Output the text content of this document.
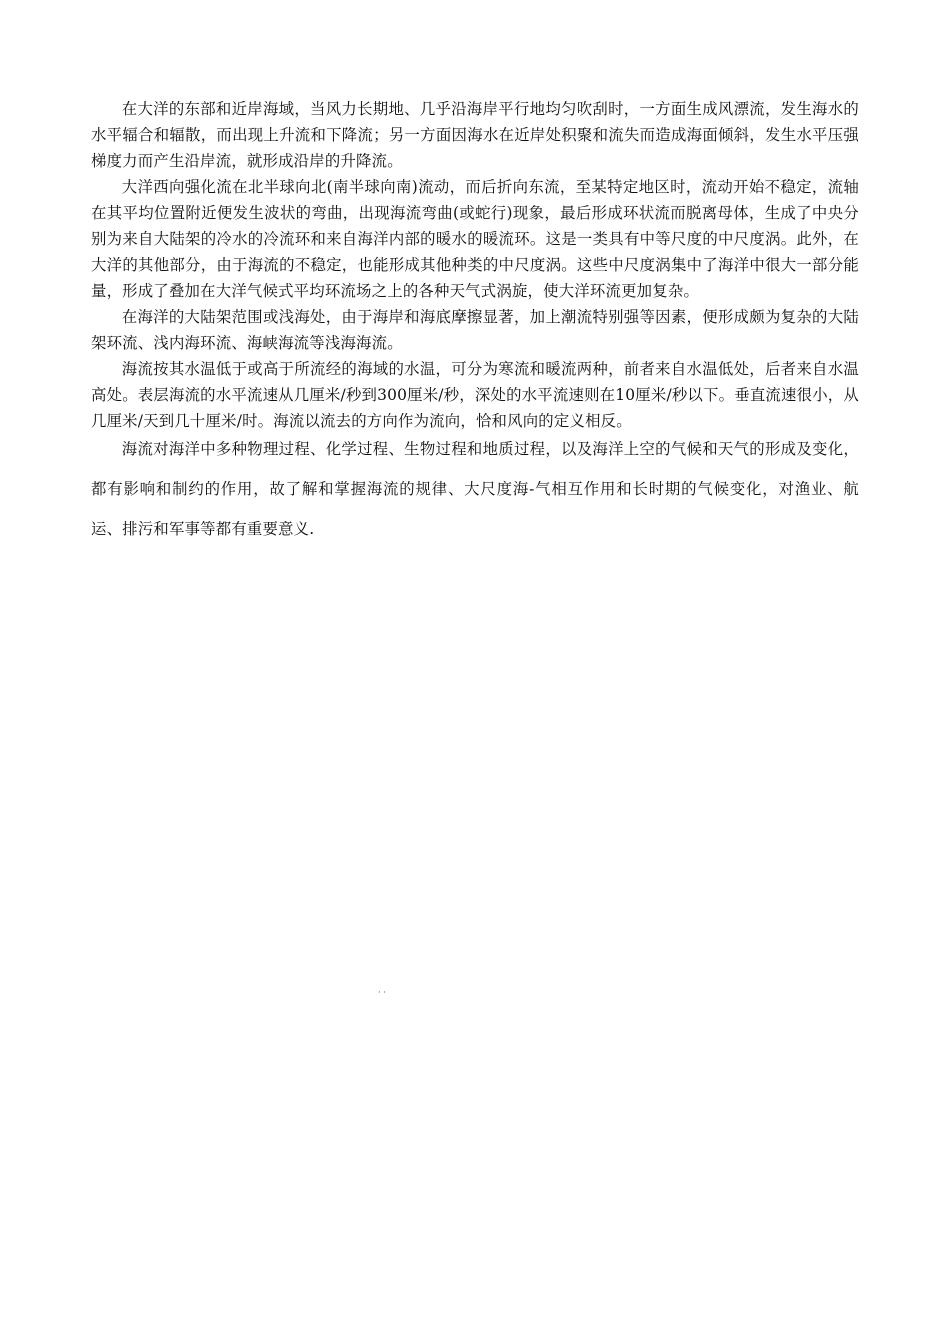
在大洋的东部和近岸海域，当风力长期地、几乎沿海岸平行地均匀吹刮时，一方面生成风漂流，发生海水的水平辐合和辐散，而出现上升流和下降流；另一方面因海水在近岸处积聚和流失而造成海面倾斜，发生水平压强梯度力而产生沿岸流，就形成沿岸的升降流。

大洋西向强化流在北半球向北(南半球向南)流动，而后折向东流，至某特定地区时，流动开始不稳定，流轴在其平均位置附近便发生波状的弯曲，出现海流弯曲(或蛇行)现象，最后形成环状流而脱离母体，生成了中央分别为来自大陆架的冷水的冷流环和来自海洋内部的暖水的暖流环。这是一类具有中等尺度的中尺度涡。此外，在大洋的其他部分，由于海流的不稳定，也能形成其他种类的中尺度涡。这些中尺度涡集中了海洋中很大一部分能量，形成了叠加在大洋气候式平均环流场之上的各种天气式涡旋，使大洋环流更加复杂。

在海洋的大陆架范围或浅海处，由于海岸和海底摩擦显著，加上潮流特别强等因素，便形成颇为复杂的大陆架环流、浅内海环流、海峡海流等浅海海流。

海流按其水温低于或高于所流经的海域的水温，可分为寒流和暖流两种，前者来自水温低处，后者来自水温高处。表层海流的水平流速从几厘米/秒到300厘米/秒，深处的水平流速则在10厘米/秒以下。垂直流速很小，从几厘米/天到几十厘米/时。海流以流去的方向作为流向，恰和风向的定义相反。

海流对海洋中多种物理过程、化学过程、生物过程和地质过程，以及海洋上空的气候和天气的形成及变化，都有影响和制约的作用，故了解和掌握海流的规律、大尺度海-气相互作用和长时期的气候变化，对渔业、航运、排污和军事等都有重要意义.

· ·
